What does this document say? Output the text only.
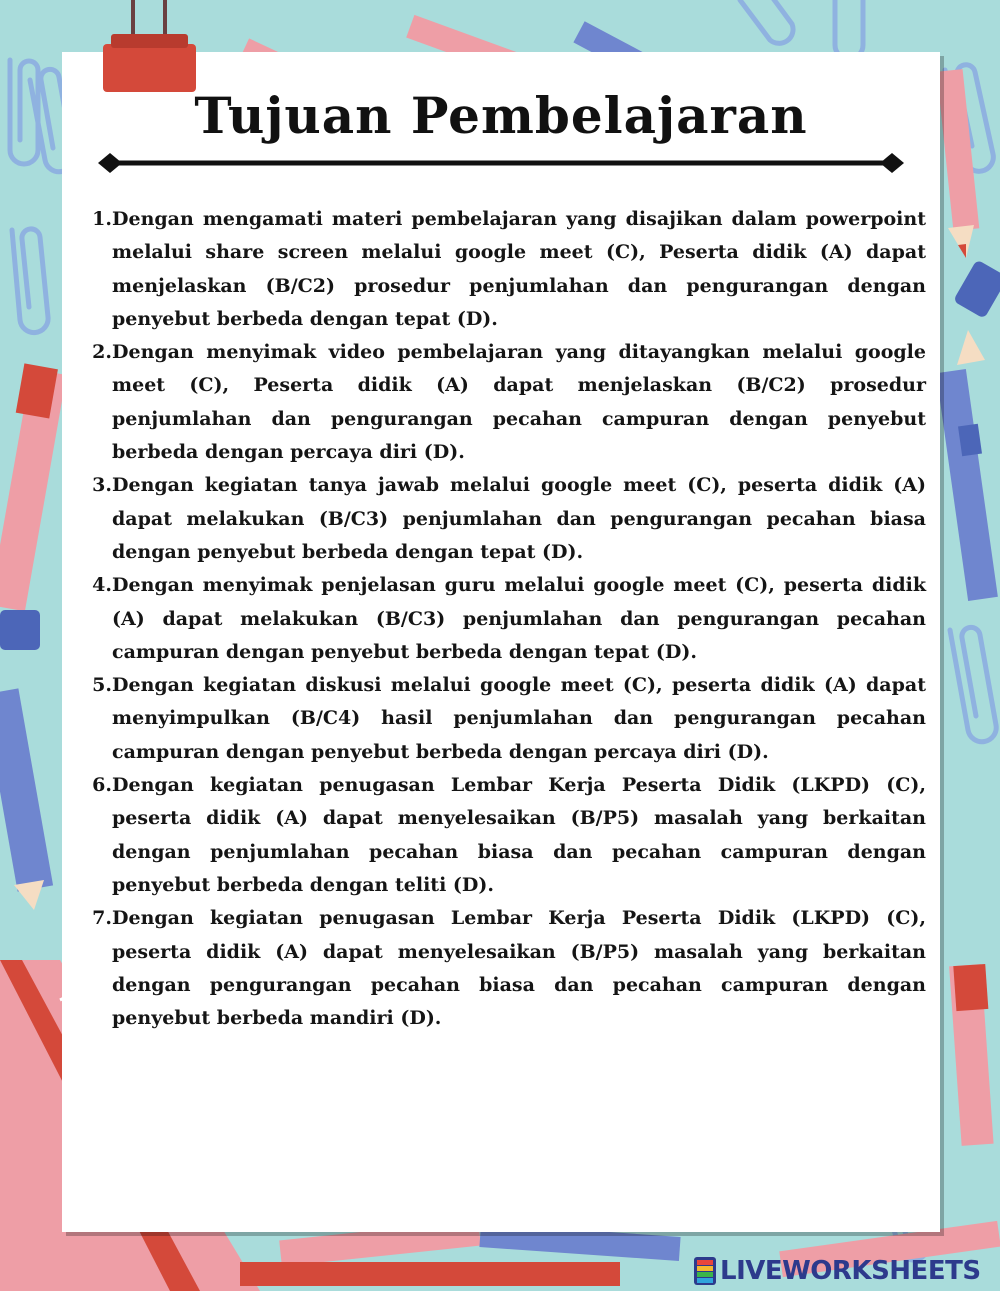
Tujuan Pembelajaran
1. Dengan mengamati materi pembelajaran yang disajikan dalam powerpoint melalui share screen melalui google meet (C), Peserta didik (A) dapat menjelaskan (B/C2) prosedur penjumlahan dan pengurangan dengan penyebut berbeda dengan tepat (D).
2. Dengan menyimak video pembelajaran yang ditayangkan melalui google meet (C), Peserta didik (A) dapat menjelaskan (B/C2) prosedur penjumlahan dan pengurangan pecahan campuran dengan penyebut berbeda dengan percaya diri (D).
3. Dengan kegiatan tanya jawab melalui google meet (C), peserta didik (A) dapat melakukan (B/C3) penjumlahan dan pengurangan pecahan biasa dengan penyebut berbeda dengan tepat (D).
4. Dengan menyimak penjelasan guru melalui google meet (C), peserta didik (A) dapat melakukan (B/C3) penjumlahan dan pengurangan pecahan campuran dengan penyebut berbeda dengan tepat (D).
5. Dengan kegiatan diskusi melalui google meet (C), peserta didik (A) dapat menyimpulkan (B/C4) hasil penjumlahan dan pengurangan pecahan campuran dengan penyebut berbeda dengan percaya diri (D).
6. Dengan kegiatan penugasan Lembar Kerja Peserta Didik (LKPD) (C), peserta didik (A) dapat menyelesaikan (B/P5) masalah yang berkaitan dengan penjumlahan pecahan biasa dan pecahan campuran dengan penyebut berbeda dengan teliti (D).
7. Dengan kegiatan penugasan Lembar Kerja Peserta Didik (LKPD) (C), peserta didik (A) dapat menyelesaikan (B/P5) masalah yang berkaitan dengan pengurangan pecahan biasa dan pecahan campuran dengan penyebut berbeda mandiri (D).
LIVEWORKSHEETS
